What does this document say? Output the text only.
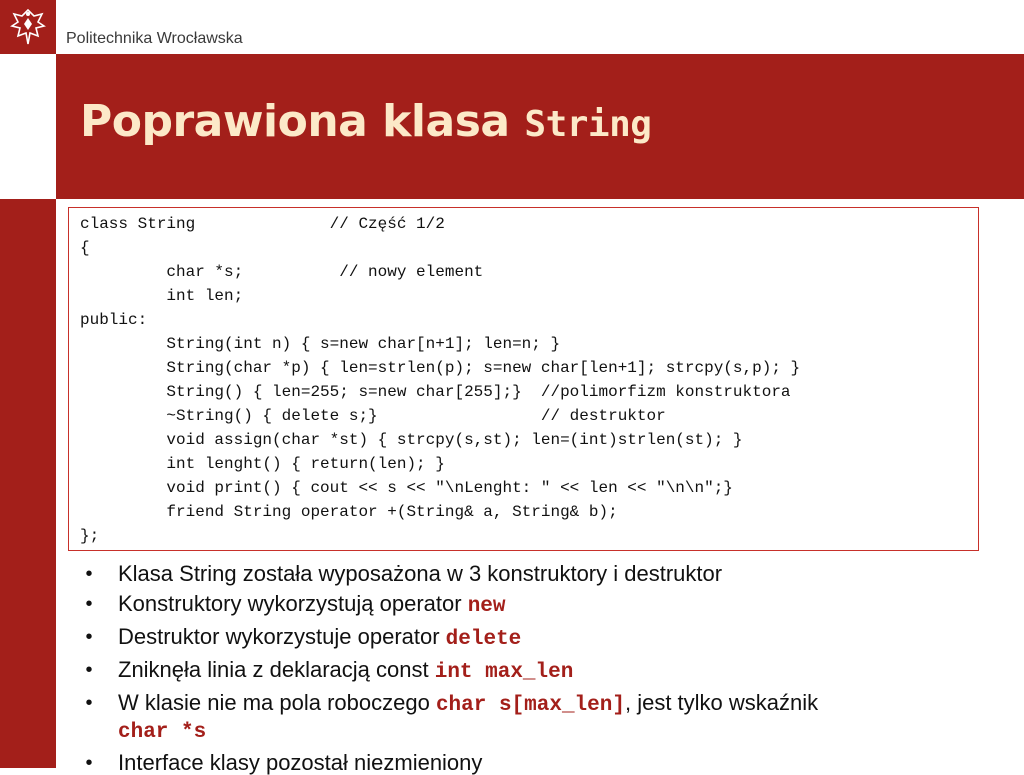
Politechnika Wrocławska
Poprawiona klasa String
class String              // Część 1/2
{
char *s;          // nowy element
int len;
public:
String(int n) { s=new char[n+1]; len=n; }
String(char *p) { len=strlen(p); s=new char[len+1]; strcpy(s,p); }
String() { len=255; s=new char[255];}  //polimorfizm konstruktora
~String() { delete s;}                 // destruktor
void assign(char *st) { strcpy(s,st); len=(int)strlen(st); }
int lenght() { return(len); }
void print() { cout << s << "\nLenght: " << len << "\n\n";}
friend String operator +(String& a, String& b);
};
• Klasa String została wyposażona w 3 konstruktory i destruktor
• Konstruktory wykorzystują operator new
• Destruktor wykorzystuje operator delete
• Zniknęła linia z deklaracją const int max_len
• W klasie nie ma pola roboczego char s[max_len], jest tylko wskaźnik
char *s
• Interface klasy pozostał niezmieniony
